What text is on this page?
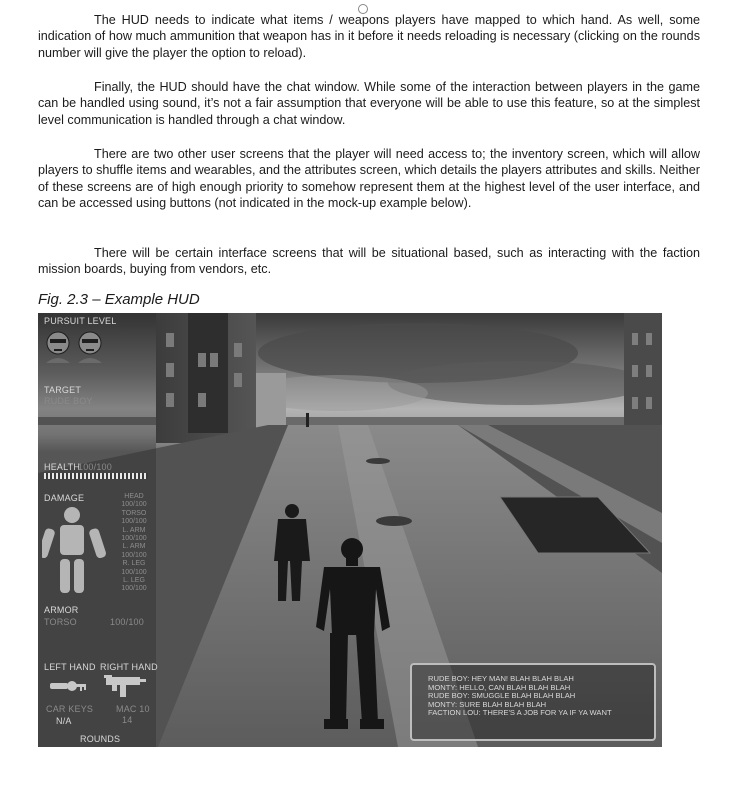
The HUD needs to indicate what items / weapons players have mapped to which hand. As well, some indication of how much ammunition that weapon has in it before it needs reloading is necessary (clicking on the rounds number will give the player the option to reload).

Finally, the HUD should have the chat window. While some of the interaction between players in the game can be handled using sound, it’s not a fair assumption that everyone will be able to use this feature, so at the simplest level communication is handled through a chat window.

There are two other user screens that the player will need access to; the inventory screen, which will allow players to shuffle items and wearables, and the attributes screen, which details the players attributes and skills. Neither of these screens are of high enough priority to somehow represent them at the highest level of the user interface, and can be accessed using buttons (not indicated in the mock-up example below).

There will be certain interface screens that will be situational based, such as interacting with the faction mission boards, buying from vendors, etc.

Fig. 2.3 – Example HUD
PURSUIT LEVEL
TARGET
RUDE BOY
HEALTH
100/100
DAMAGE	HEAD
100/100
TORSO
100/100
L. ARM
100/100
L. ARM
100/100
R. LEG
100/100
L. LEG
100/100
ARMOR
TORSO	100/100
LEFT HAND RIGHT HAND
CAR KEYS
N/A
MAC 10
14
ROUNDS
RUDE BOY: HEY MAN! BLAH BLAH BLAH
MONTY: HELLO, CAN BLAH BLAH BLAH
RUDE BOY: SMUGGLE BLAH BLAH BLAH
MONTY: SURE BLAH BLAH BLAH
FACTION LOU: THERE'S A JOB FOR YA IF YA WANT
